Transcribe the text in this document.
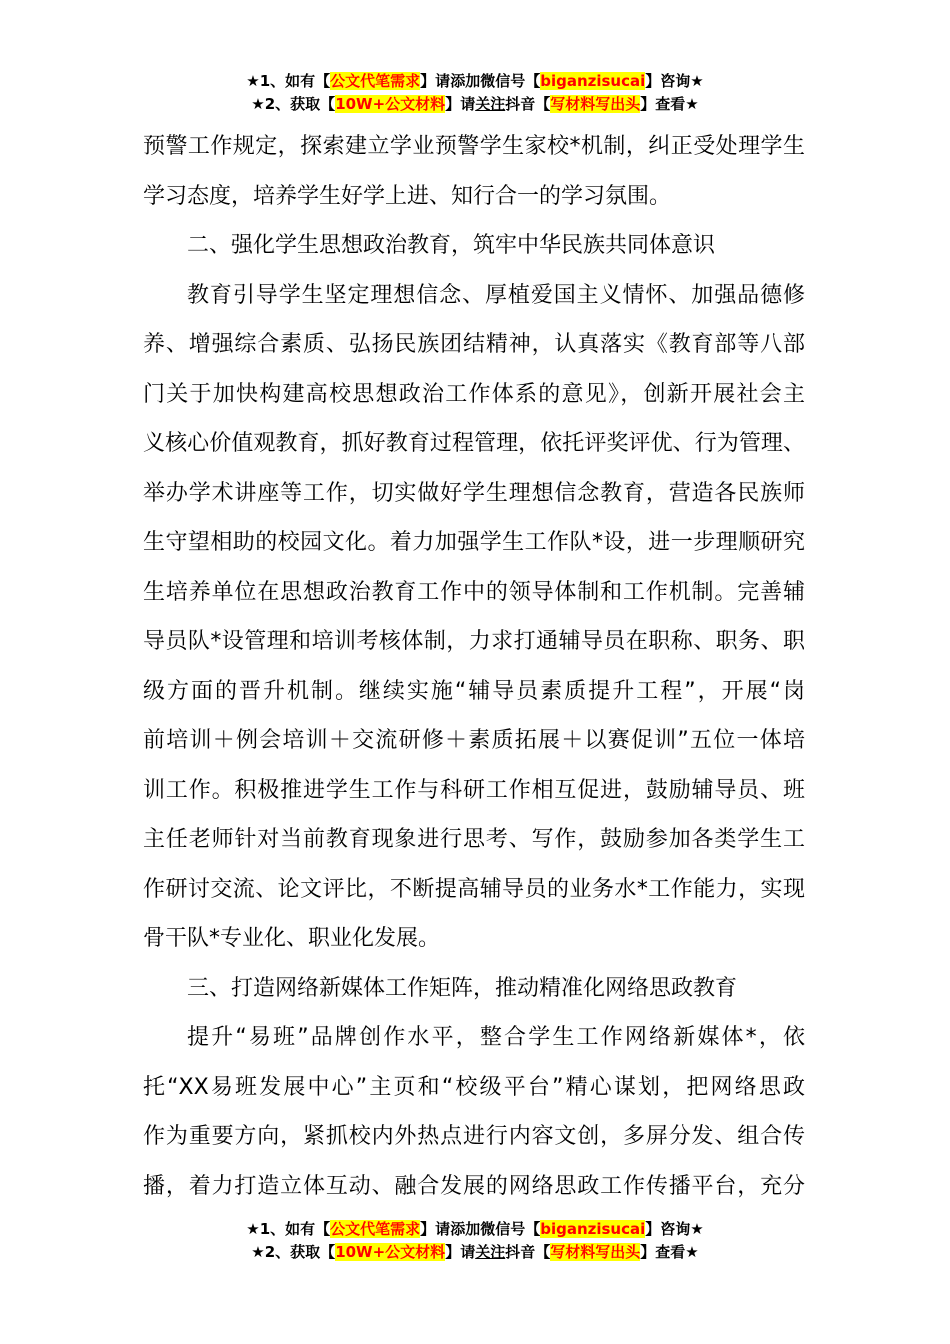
★1、如有【公文代笔需求】请添加微信号【biganzisucai】咨询★
★2、获取【10W+公文材料】请关注抖音【写材料写出头】查看★

预警工作规定，探索建立学业预警学生家校*机制，纠正受处理学生
学习态度，培养学生好学上进、知行合一的学习氛围。

二、强化学生思想政治教育，筑牢中华民族共同体意识

教育引导学生坚定理想信念、厚植爱国主义情怀、加强品德修
养、增强综合素质、弘扬民族团结精神，认真落实《教育部等八部
门关于加快构建高校思想政治工作体系的意见》，创新开展社会主
义核心价值观教育，抓好教育过程管理，依托评奖评优、行为管理、
举办学术讲座等工作，切实做好学生理想信念教育，营造各民族师
生守望相助的校园文化。着力加强学生工作队*设，进一步理顺研究
生培养单位在思想政治教育工作中的领导体制和工作机制。完善辅
导员队*设管理和培训考核体制，力求打通辅导员在职称、职务、职
级方面的晋升机制。继续实施“辅导员素质提升工程”，开展“岗
前培训＋例会培训＋交流研修＋素质拓展＋以赛促训”五位一体培
训工作。积极推进学生工作与科研工作相互促进，鼓励辅导员、班
主任老师针对当前教育现象进行思考、写作，鼓励参加各类学生工
作研讨交流、论文评比，不断提高辅导员的业务水*工作能力，实现
骨干队*专业化、职业化发展。

三、打造网络新媒体工作矩阵，推动精准化网络思政教育

提升“易班”品牌创作水平，整合学生工作网络新媒体*，依
托“XX易班发展中心”主页和“校级平台”精心谋划，把网络思政
作为重要方向，紧抓校内外热点进行内容文创，多屏分发、组合传
播，着力打造立体互动、融合发展的网络思政工作传播平台，充分

★1、如有【公文代笔需求】请添加微信号【biganzisucai】咨询★
★2、获取【10W+公文材料】请关注抖音【写材料写出头】查看★
